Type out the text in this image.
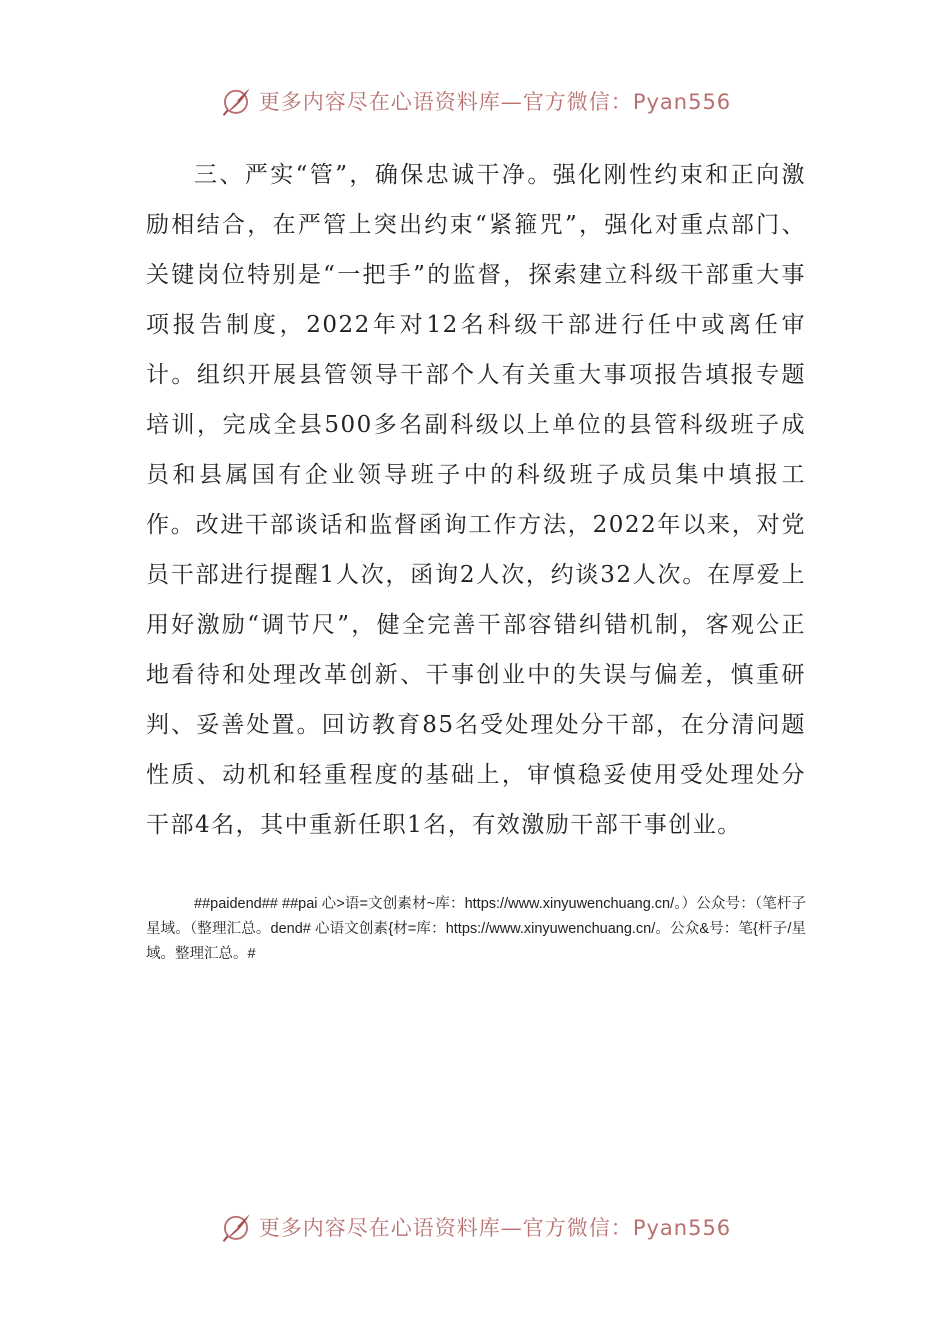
更多内容尽在心语资料库—官方微信：Pyan556

三、严实“管”，确保忠诚干净。强化刚性约束和正向激励相结合，在严管上突出约束“紧箍咒”，强化对重点部门、关键岗位特别是“一把手”的监督，探索建立科级干部重大事项报告制度，2022年对12名科级干部进行任中或离任审计。组织开展县管领导干部个人有关重大事项报告填报专题培训，完成全县500多名副科级以上单位的县管科级班子成员和县属国有企业领导班子中的科级班子成员集中填报工作。改进干部谈话和监督函询工作方法，2022年以来，对党员干部进行提醒1人次，函询2人次，约谈32人次。在厚爱上用好激励“调节尺”，健全完善干部容错纠错机制，客观公正地看待和处理改革创新、干事创业中的失误与偏差，慎重研判、妥善处置。回访教育85名受处理处分干部，在分清问题性质、动机和轻重程度的基础上，审慎稳妥使用受处理处分干部4名，其中重新任职1名，有效激励干部干事创业。

##paidend## ##pai 心>语=文创素材~库：https://www.xinyuwenchuang.cn/。）公众号：（笔杆子星域。（整理汇总。dend# 心语文创素{材=库：https://www.xinyuwenchuang.cn/。公众&号：笔{杆子/星域。整理汇总。#

更多内容尽在心语资料库—官方微信：Pyan556
